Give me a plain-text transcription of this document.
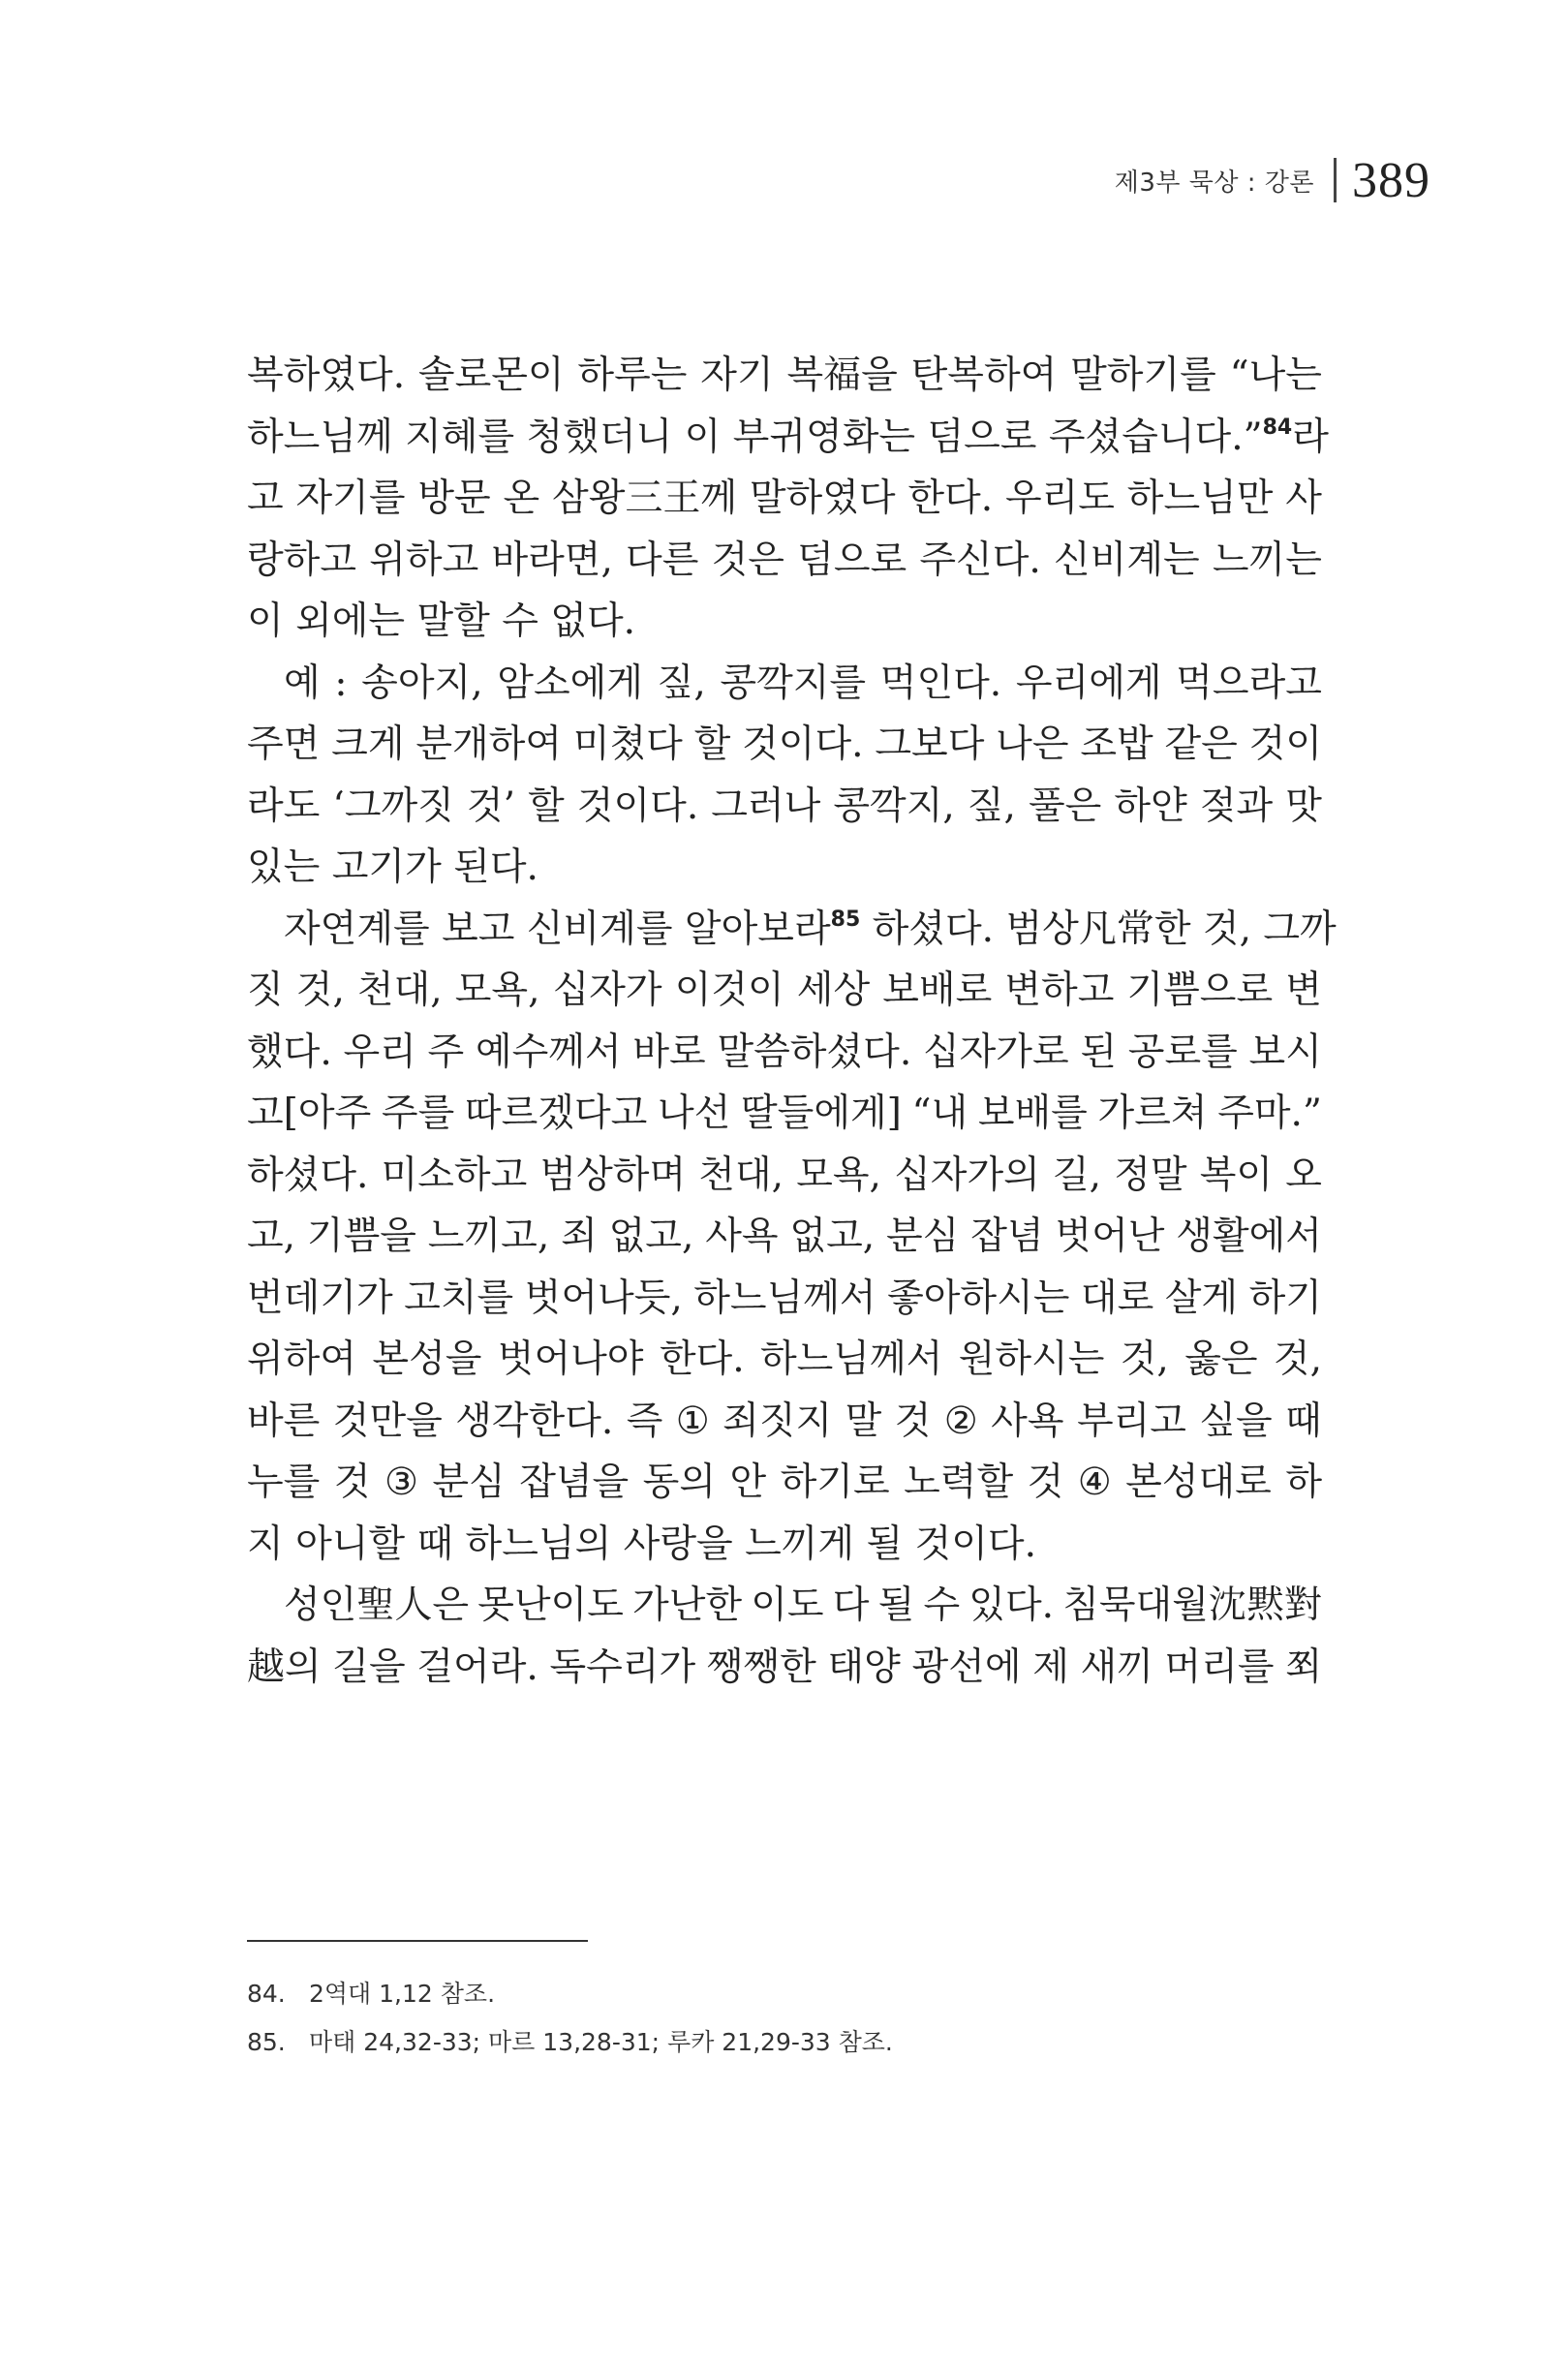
제3부 묵상 : 강론 389
복하였다. 솔로몬이 하루는 자기 복福을 탄복하여 말하기를 “나는
하느님께 지혜를 청했더니 이 부귀영화는 덤으로 주셨습니다.”$^{84}$라
고 자기를 방문 온 삼왕三王께 말하였다 한다. 우리도 하느님만 사
랑하고 위하고 바라면, 다른 것은 덤으로 주신다. 신비계는 느끼는
이 외에는 말할 수 없다.
예 : 송아지, 암소에게 짚, 콩깍지를 먹인다. 우리에게 먹으라고
주면 크게 분개하여 미쳤다 할 것이다. 그보다 나은 조밥 같은 것이
라도 ‘그까짓 것’ 할 것이다. 그러나 콩깍지, 짚, 풀은 하얀 젖과 맛
있는 고기가 된다.
자연계를 보고 신비계를 알아보라$^{85}$ 하셨다. 범상凡常한 것, 그까
짓 것, 천대, 모욕, 십자가 이것이 세상 보배로 변하고 기쁨으로 변
했다. 우리 주 예수께서 바로 말씀하셨다. 십자가로 된 공로를 보시
고[아주 주를 따르겠다고 나선 딸들에게] “내 보배를 가르쳐 주마.”
하셨다. 미소하고 범상하며 천대, 모욕, 십자가의 길, 정말 복이 오
고, 기쁨을 느끼고, 죄 없고, 사욕 없고, 분심 잡념 벗어난 생활에서
번데기가 고치를 벗어나듯, 하느님께서 좋아하시는 대로 살게 하기
위하여 본성을 벗어나야 한다. 하느님께서 원하시는 것, 옳은 것,
바른 것만을 생각한다. 즉 ① 죄짓지 말 것 ② 사욕 부리고 싶을 때
누를 것 ③ 분심 잡념을 동의 안 하기로 노력할 것 ④ 본성대로 하
지 아니할 때 하느님의 사랑을 느끼게 될 것이다.
성인聖人은 못난이도 가난한 이도 다 될 수 있다. 침묵대월沈黙對
越의 길을 걸어라. 독수리가 쨍쨍한 태양 광선에 제 새끼 머리를 쬐
84. 2역대 1,12 참조.
85. 마태 24,32-33; 마르 13,28-31; 루카 21,29-33 참조.
